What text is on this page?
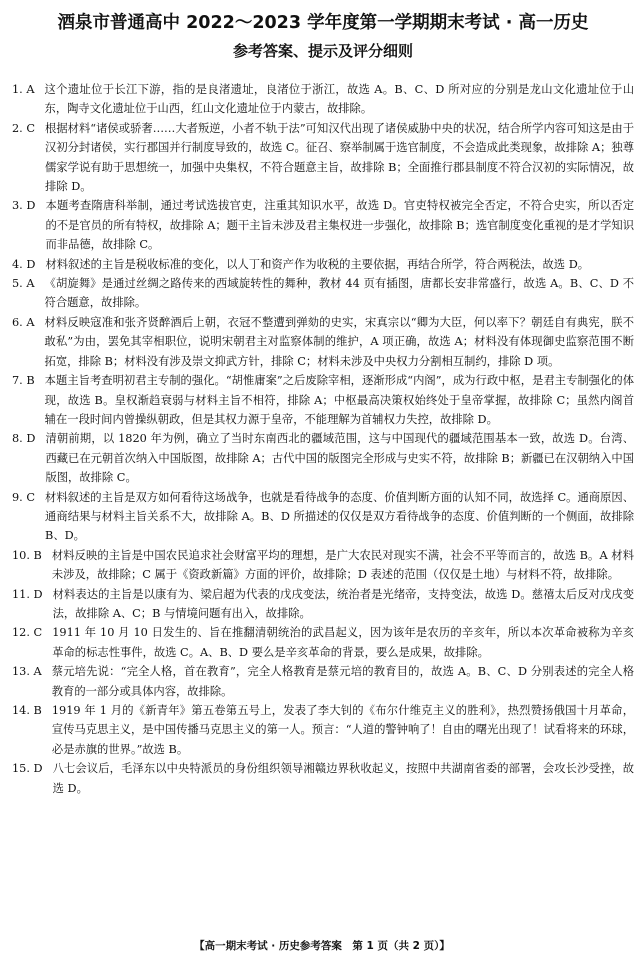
酒泉市普通高中 2022～2023 学年度第一学期期末考试 · 高一历史
参考答案、提示及评分细则
1. A 这个遗址位于长江下游，指的是良渚遗址，良渚位于浙江，故选 A。B、C、D 所对应的分别是龙山文化遗址位于山东，陶寺文化遗址位于山西，红山文化遗址位于内蒙古，故排除。
2. C 根据材料“诸侯或骄奢……大者叛逆，小者不轨于法”可知汉代出现了诸侯威胁中央的状况，结合所学内容可知这是由于汉初分封诸侯，实行郡国并行制度导致的，故选 C。征召、察举制属于选官制度，不会造成此类现象，故排除 A；独尊儒家学说有助于思想统一，加强中央集权，不符合题意主旨，故排除 B；全面推行郡县制度不符合汉初的实际情况，故排除 D。
3. D 本题考查隋唐科举制，通过考试选拔官吏，注重其知识水平，故选 D。官吏特权被完全否定，不符合史实，所以否定的不是官员的所有特权，故排除 A；题干主旨未涉及君主集权进一步强化，故排除 B；选官制度变化重视的是才学知识而非品德，故排除 C。
4. D 材料叙述的主旨是税收标准的变化，以人丁和资产作为收税的主要依据，再结合所学，符合两税法，故选 D。
5. A 《胡旋舞》是通过丝绸之路传来的西域旋转性的舞种，教材 44 页有插图，唐都长安非常盛行，故选 A。B、C、D 不符合题意，故排除。
6. A 材料反映寇准和张齐贤醉酒后上朝，衣冠不整遭到弹劾的史实，宋真宗以“卿为大臣，何以率下？朝廷自有典宪，朕不敢私”为由，罢免其宰相职位，说明宋朝君主对监察体制的维护，A 项正确，故选 A；材料没有体现御史监察范围不断拓宽，排除 B；材料没有涉及崇文抑武方针，排除 C；材料未涉及中央权力分割相互制约，排除 D 项。
7. B 本题主旨考查明初君主专制的强化。“胡惟庸案”之后废除宰相，逐渐形成“内阁”，成为行政中枢，是君主专制强化的体现，故选 B。皇权渐趋衰弱与材料主旨不相符，排除 A；中枢最高决策权始终处于皇帝掌握，故排除 C；虽然内阁首辅在一段时间内曾操纵朝政，但是其权力源于皇帝，不能理解为首辅权力失控，故排除 D。
8. D 清朝前期，以 1820 年为例，确立了当时东南西北的疆域范围，这与中国现代的疆域范围基本一致，故选 D。台湾、西藏已在元朝首次纳入中国版图，故排除 A；古代中国的版图完全形成与史实不符，故排除 B；新疆已在汉朝纳入中国版图，故排除 C。
9. C 材料叙述的主旨是双方如何看待这场战争，也就是看待战争的态度、价值判断方面的认知不同，故选择 C。通商原因、通商结果与材料主旨关系不大，故排除 A。B、D 所描述的仅仅是双方看待战争的态度、价值判断的一个侧面，故排除 B、D。
10. B 材料反映的主旨是中国农民追求社会财富平均的理想，是广大农民对现实不满，社会不平等而言的，故选 B。A 材料未涉及，故排除；C 属于《资政新篇》方面的评价，故排除；D 表述的范围（仅仅是土地）与材料不符，故排除。
11. D 材料表达的主旨是以康有为、梁启超为代表的戊戌变法，统治者是光绪帝，支持变法，故选 D。慈禧太后反对戊戌变法，故排除 A、C；B 与情境问题有出入，故排除。
12. C 1911 年 10 月 10 日发生的、旨在推翻清朝统治的武昌起义，因为该年是农历的辛亥年，所以本次革命被称为辛亥革命的标志性事件，故选 C。A、B、D 要么是辛亥革命的背景，要么是成果，故排除。
13. A 蔡元培先说：“完全人格，首在教育”，完全人格教育是蔡元培的教育目的，故选 A。B、C、D 分别表述的完全人格教育的一部分或具体内容，故排除。
14. B 1919 年 1 月的《新青年》第五卷第五号上，发表了李大钊的《布尔什维克主义的胜利》，热烈赞扬俄国十月革命，宣传马克思主义，是中国传播马克思主义的第一人。预言：“人道的警钟响了！自由的曙光出现了！试看将来的环球，必是赤旗的世界。”故选 B。
15. D 八七会议后，毛泽东以中央特派员的身份组织领导湘赣边界秋收起义，按照中共湖南省委的部署，会攻长沙受挫，故选 D。
【高一期末考试 · 历史参考答案　第 1 页（共 2 页）】
